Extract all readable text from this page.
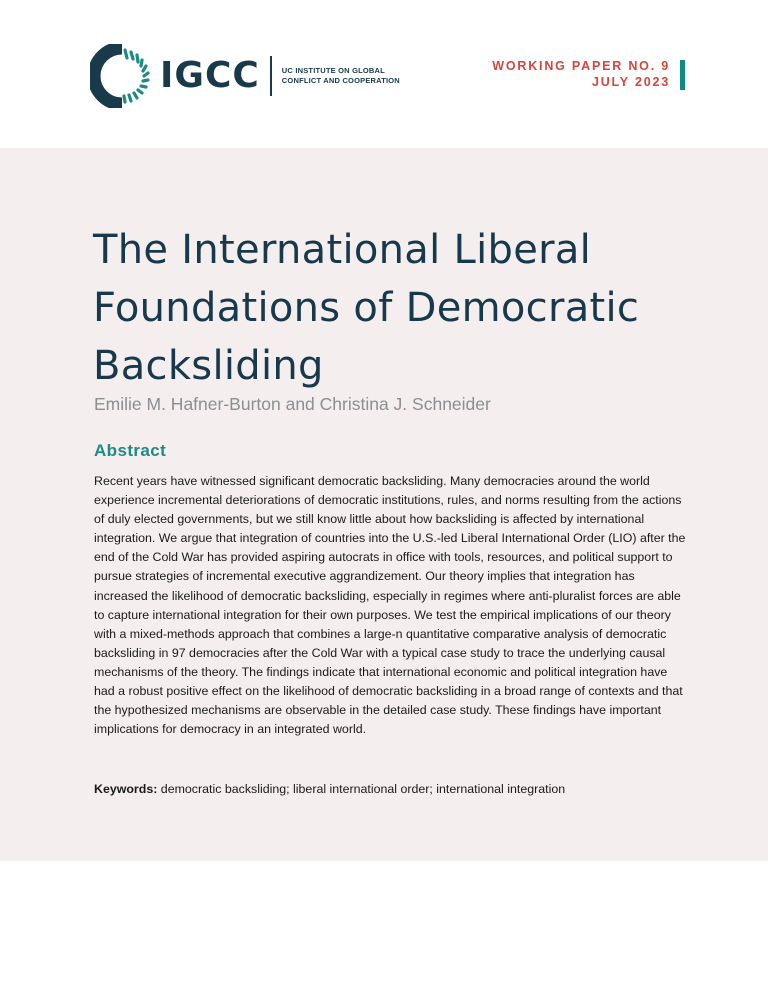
IGCC	UC INSTITUTE ON GLOBAL
CONFLICT AND COOPERATION
WORKING PAPER NO. 9
JULY 2023
The International Liberal
Foundations of Democratic
Backsliding
Emilie M. Hafner-Burton and Christina J. Schneider
Abstract

Recent years have witnessed significant democratic backsliding. Many democracies around the world experience incremental deteriorations of democratic institutions, rules, and norms resulting from the actions of duly elected governments, but we still know little about how backsliding is affected by international integration. We argue that integration of countries into the U.S.-led Liberal International Order (LIO) after the end of the Cold War has provided aspiring autocrats in office with tools, resources, and political support to pursue strategies of incremental executive aggrandizement. Our theory implies that integration has increased the likelihood of democratic backsliding, especially in regimes where anti-pluralist forces are able to capture international integration for their own purposes. We test the empirical implications of our theory with a mixed-methods approach that combines a large-n quantitative comparative analysis of democratic backsliding in 97 democracies after the Cold War with a typical case study to trace the underlying causal mechanisms of the theory. The findings indicate that international economic and political integration have had a robust positive effect on the likelihood of democratic backsliding in a broad range of contexts and that the hypothesized mechanisms are observable in the detailed case study. These findings have important implications for democracy in an integrated world.

Keywords: democratic backsliding; liberal international order; international integration
